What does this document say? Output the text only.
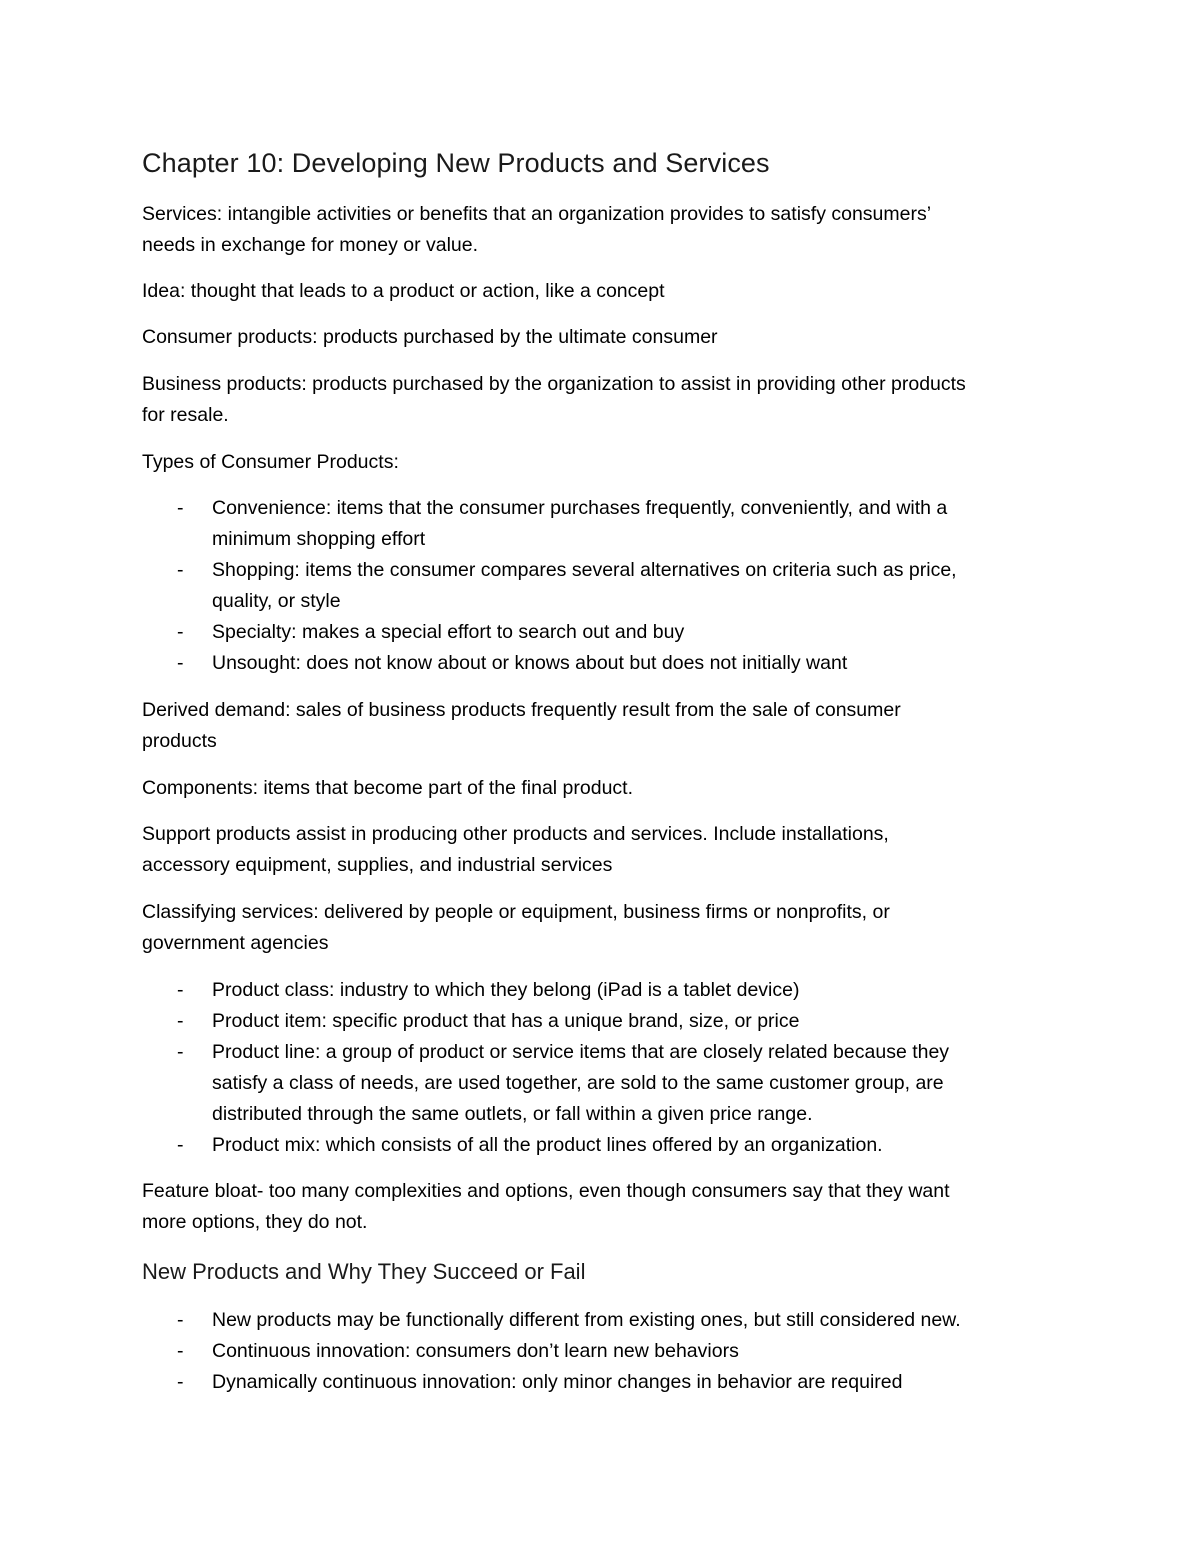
Chapter 10: Developing New Products and Services
Services: intangible activities or benefits that an organization provides to satisfy consumers’
needs in exchange for money or value.
Idea: thought that leads to a product or action, like a concept
Consumer products: products purchased by the ultimate consumer
Business products: products purchased by the organization to assist in providing other products
for resale.
Types of Consumer Products:
- Convenience: items that the consumer purchases frequently, conveniently, and with a
minimum shopping effort
- Shopping: items the consumer compares several alternatives on criteria such as price,
quality, or style
- Specialty: makes a special effort to search out and buy
- Unsought: does not know about or knows about but does not initially want
Derived demand: sales of business products frequently result from the sale of consumer
products
Components: items that become part of the final product.
Support products assist in producing other products and services. Include installations,
accessory equipment, supplies, and industrial services
Classifying services: delivered by people or equipment, business firms or nonprofits, or
government agencies
- Product class: industry to which they belong (iPad is a tablet device)
- Product item: specific product that has a unique brand, size, or price
- Product line: a group of product or service items that are closely related because they
satisfy a class of needs, are used together, are sold to the same customer group, are
distributed through the same outlets, or fall within a given price range.
- Product mix: which consists of all the product lines offered by an organization.
Feature bloat- too many complexities and options, even though consumers say that they want
more options, they do not.
New Products and Why They Succeed or Fail
- New products may be functionally different from existing ones, but still considered new.
- Continuous innovation: consumers don’t learn new behaviors
- Dynamically continuous innovation: only minor changes in behavior are required
